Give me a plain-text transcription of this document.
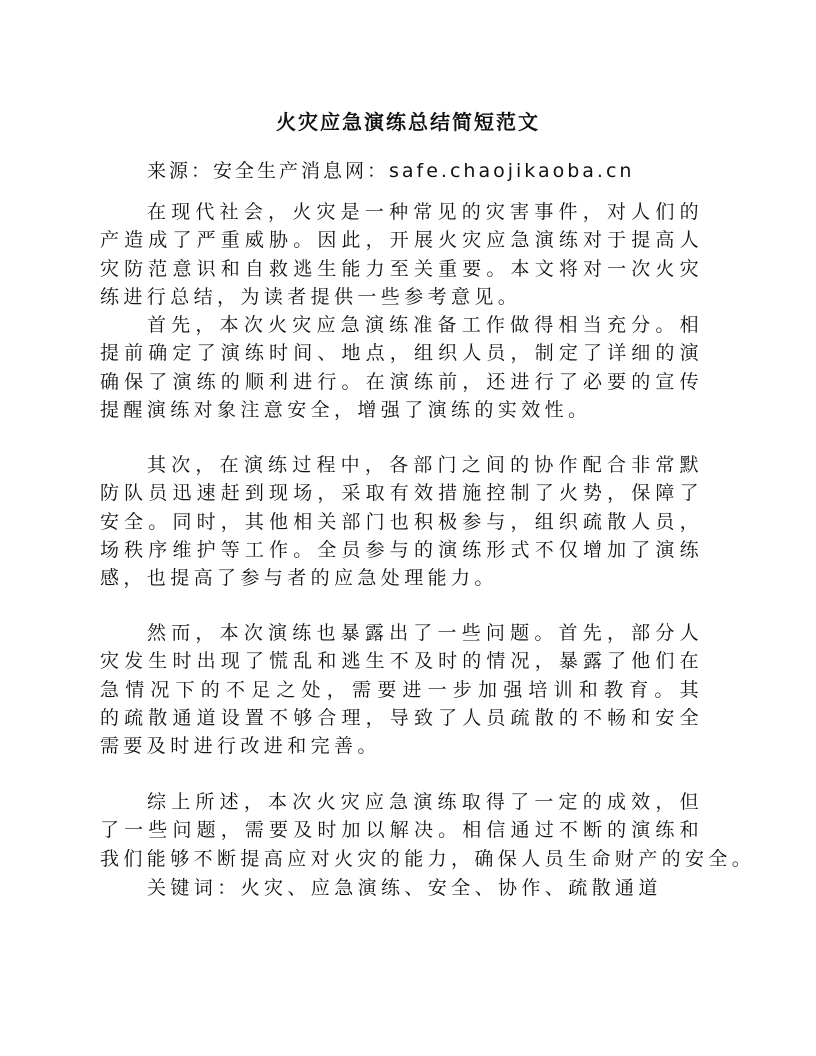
火灾应急演练总结简短范文
来源：安全生产消息网：safe.chaojikaoba.cn
在现代社会，火灾是一种常见的灾害事件，对人们的
产造成了严重威胁。因此，开展火灾应急演练对于提高人
灾防范意识和自救逃生能力至关重要。本文将对一次火灾
练进行总结，为读者提供一些参考意见。
首先，本次火灾应急演练准备工作做得相当充分。相
提前确定了演练时间、地点，组织人员，制定了详细的演
确保了演练的顺利进行。在演练前，还进行了必要的宣传
提醒演练对象注意安全，增强了演练的实效性。
其次，在演练过程中，各部门之间的协作配合非常默
防队员迅速赶到现场，采取有效措施控制了火势，保障了
安全。同时，其他相关部门也积极参与，组织疏散人员，
场秩序维护等工作。全员参与的演练形式不仅增加了演练
感，也提高了参与者的应急处理能力。
然而，本次演练也暴露出了一些问题。首先，部分人
灾发生时出现了慌乱和逃生不及时的情况，暴露了他们在
急情况下的不足之处，需要进一步加强培训和教育。其
的疏散通道设置不够合理，导致了人员疏散的不畅和安全
需要及时进行改进和完善。
综上所述，本次火灾应急演练取得了一定的成效，但
了一些问题，需要及时加以解决。相信通过不断的演练和
我们能够不断提高应对火灾的能力，确保人员生命财产的安全。
关键词：火灾、应急演练、安全、协作、疏散通道
